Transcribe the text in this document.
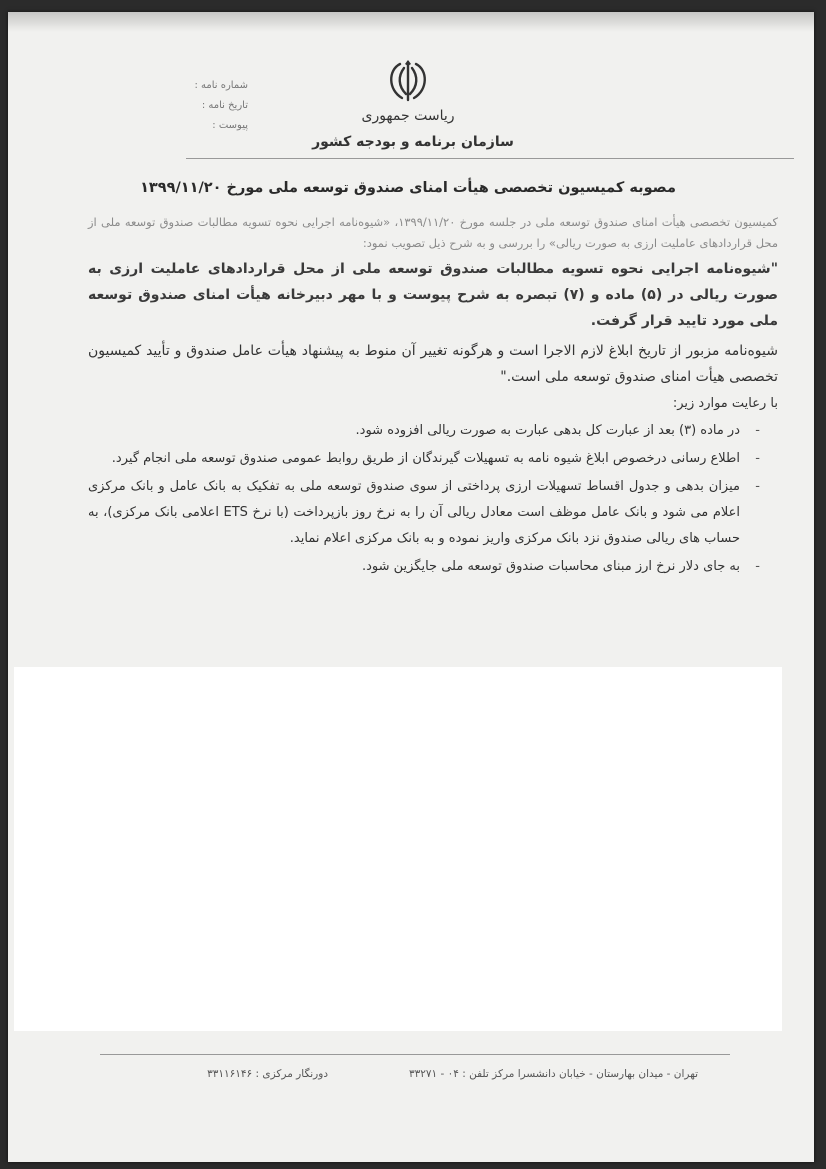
ریاست جمهوری
سازمان برنامه و بودجه کشور
شماره نامه :
تاریخ نامه :
پیوست :
مصوبه کمیسیون تخصصی هیأت امنای صندوق توسعه ملی مورخ ۱۳۹۹/۱۱/۲۰

کمیسیون تخصصی هیأت امنای صندوق توسعه ملی در جلسه مورخ ۱۳۹۹/۱۱/۲۰، «شیوه‌نامه اجرایی نحوه تسویه مطالبات صندوق توسعه ملی از محل قراردادهای عاملیت ارزی به صورت ریالی» را بررسی و به شرح ذیل تصویب نمود:

"شیوه‌نامه اجرایی نحوه تسویه مطالبات صندوق توسعه ملی از محل قراردادهای عاملیت ارزی به صورت ریالی در (۵) ماده و (۷) تبصره به شرح پیوست و با مهر دبیرخانه هیأت امنای صندوق توسعه ملی مورد تایید قرار گرفت.

شیوه‌نامه مزبور از تاریخ ابلاغ لازم الاجرا است و هرگونه تغییر آن منوط به پیشنهاد هیأت عامل صندوق و تأیید کمیسیون تخصصی هیأت امنای صندوق توسعه ملی است."

با رعایت موارد زیر:

-
در ماده (۳) بعد از عبارت کل بدهی عبارت به صورت ریالی افزوده شود.
-
اطلاع رسانی درخصوص ابلاغ شیوه نامه به تسهیلات گیرندگان از طریق روابط عمومی صندوق توسعه ملی انجام گیرد.
-
میزان بدهی و جدول اقساط تسهیلات ارزی پرداختی از سوی صندوق توسعه ملی به تفکیک به بانک عامل و بانک مرکزی اعلام می شود و بانک عامل موظف است معادل ریالی آن را به نرخ روز بازپرداخت (با نرخ ETS اعلامی بانک مرکزی)، به حساب های ریالی صندوق نزد بانک مرکزی واریز نموده و به بانک مرکزی اعلام نماید.
-
به جای دلار نرخ ارز مبنای محاسبات صندوق توسعه ملی جایگزین شود.
تهران - میدان بهارستان - خیابان دانشسرا مرکز تلفن : ۰۴ - ۳۳۲۷۱
دورنگار مرکزی : ۳۳۱۱۶۱۴۶
